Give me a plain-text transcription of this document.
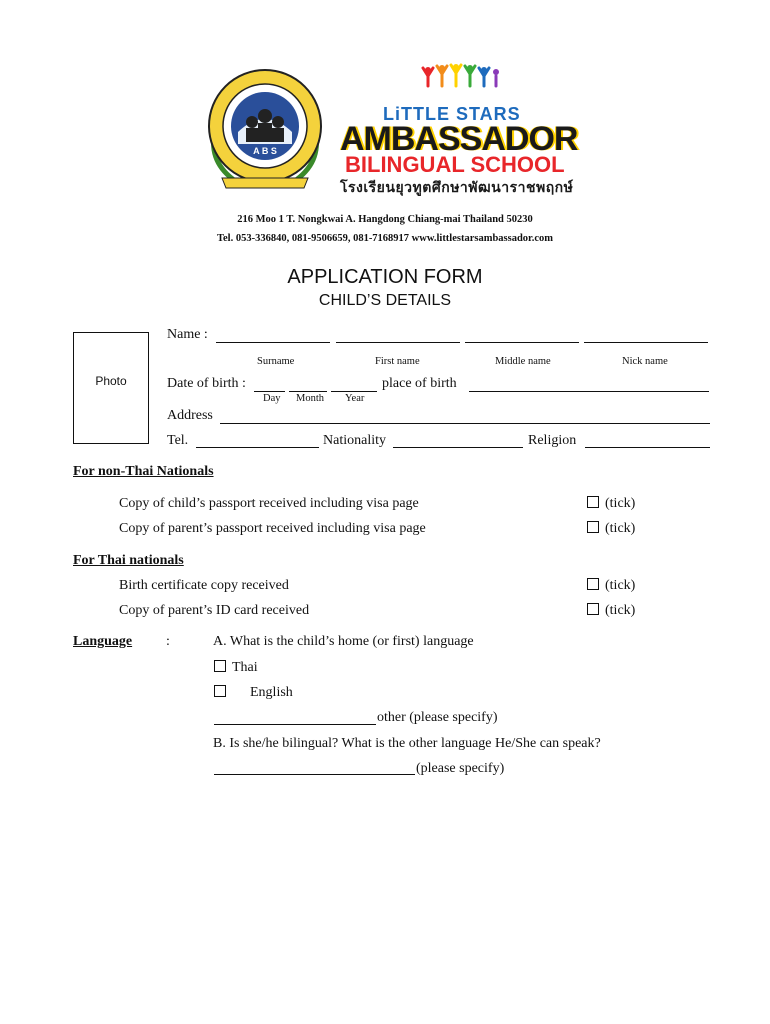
A B S
LiTTLE STARS
AMBASSADOR
BILINGUAL SCHOOL
โรงเรียนยุวทูตศึกษาพัฒนาราชพฤกษ์
216 Moo 1 T. Nongkwai A. Hangdong Chiang-mai Thailand 50230
Tel. 053-336840, 081-9506659, 081-7168917 www.littlestarsambassador.com
APPLICATION FORM
CHILD’S DETAILS
Photo
Name :
Surname	First name	Middle name	Nick name
Date of birth :
Day Month Year
place of birth
Address
Tel.	Nationality	Religion
For non-Thai Nationals
Copy of child’s passport received including visa page	(tick)
Copy of parent’s passport received including visa page	(tick)
For Thai nationals
Birth certificate copy received	(tick)
Copy of parent’s ID card received	(tick)
Language :	A. What is the child’s home (or first) language
Thai
English
other (please specify)
B. Is she/he bilingual? What is the other language He/She can speak?
(please specify)
